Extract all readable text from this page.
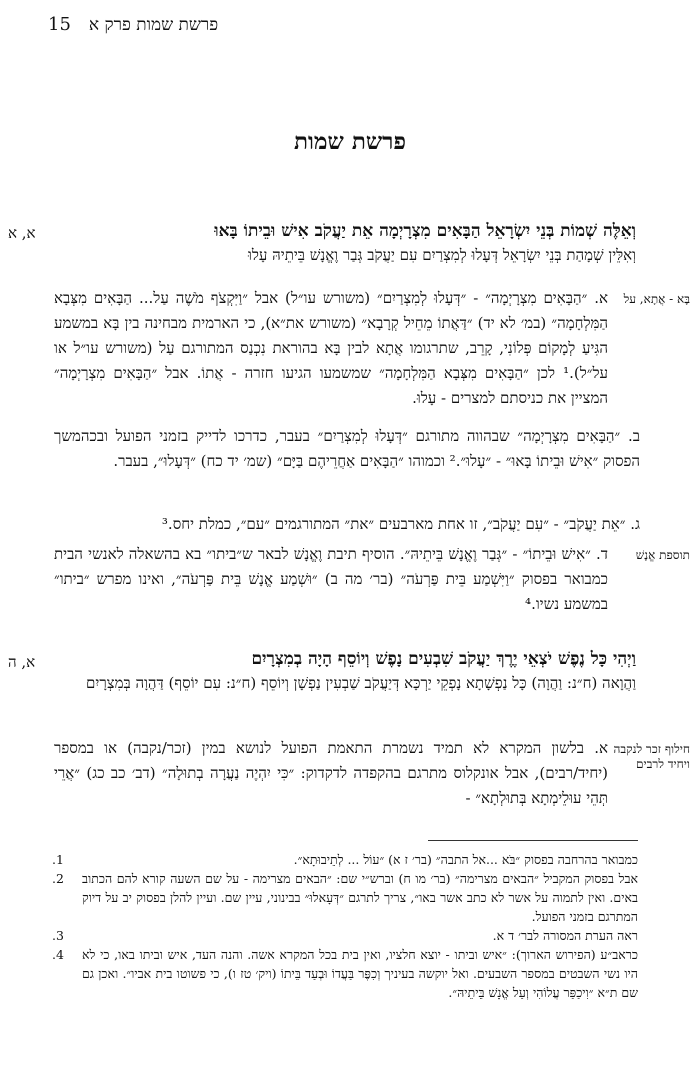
15 פרשת שמות פרק א
פרשת שמות
א, א	וְאֵלֶּה שְׁמוֹת בְּנֵי יִשְׂרָאֵל הַבָּאִים מִצְרָיְמָה אֵת יַעֲקֹב אִישׁ וּבֵיתוֹ בָּאוּ
וְאִלֵּין שְׁמָהַת בְּנֵי יִשְׂרָאֵל דְּעָלוּ לְמִצְרַיִם עִם יַעֲקֹב גְּבַר וֶאֱנָשׁ בֵּיתֵיהּ עָלוּ
בָּא - אֲתָא, על
א. ״הַבָּאִים מִצְרָיְמָה״ - ״דְּעָלוּ לְמִצְרַיִם״ (משורש עו״ל) אבל ״וַיִּקְצֹף מֹשֶׁה עַל... הַבָּאִים מִצְּבָא הַמִּלְחָמָה״ (במ׳ לא יד) ״דַּאֲתוֹ מֵחֵיל קְרָבָא״ (משורש את״א), כי הארמית מבחינה בין בָּא במשמע הגִּיעַ לְמָקוֹם פְּלוֹנִי, קָרֵב, שתרגומו אֲתָא לבין בָּא בהוראת נִכְנַס המתורגם עַל (משורש עו״ל או על״ל).¹ לכן ״הַבָּאִים מִצְּבָא הַמִּלְחָמָה״ שמשמעו הגיעו חזרה - אֲתוֹ. אבל ״הַבָּאִים מִצְרָיְמָה״ המציין את כניסתם למצרים - עָלוּ.
ב. ״הַבָּאִים מִצְרָיְמָה״ שבהווה מתורגם ״דְּעָלוּ לְמִצְרַיִם״ בעבר, כדרכו לדייק בזמני הפועל ובכהמשך הפסוק ״אִישׁ וּבֵיתוֹ בָּאוּ״ - ״עָלוּ״.² וכמוהו ״הַבָּאִים אַחֲרֵיהֶם בַּיָּם״ (שמ׳ יד כח) ״דְּעָלוּ״, בעבר.
ג. ״אֵת יַעֲקֹב״ - ״עִם יַעֲקֹב״, זו אחת מארבעים ״את״ המתורגמים ״עם״, כמלת יחס.³
תוספת אֱנָשׁ
ד. ״אִישׁ וּבֵיתוֹ״ - ״גְּבַר וֶאֱנָשׁ בֵּיתֵיהּ״. הוסיף תיבת וֶאֱנָשׁ לבאר ש״ביתו״ בא בהשאלה לאנשי הבית כמבואר בפסוק ״וַיִּשְׁמַע בֵּית פַּרְעֹה״ (בר׳ מה ב) ״וּשְׁמַע אֱנָשׁ בֵּית פַּרְעֹה״, ואינו מפרש ״ביתו״ במשמע נשיו.⁴
א, ה	וַיְהִי כָּל נֶפֶשׁ יֹצְאֵי יֶרֶךְ יַעֲקֹב שִׁבְעִים נָפֶשׁ וְיוֹסֵף הָיָה בְמִצְרָיִם
וַהֲוָאה (ח״נ: וַהֲוָה) כָּל נַפְשָׁתָא נָפְקֵי יַרְכָּא דְּיַעֲקֹב שַׁבְעִין נַפְשָׁן וְיוֹסֵף (ח״נ: עִם יוֹסֵף) דַּהֲוָה בְּמִצְרָיִם
חילוף זכר לנקבה ויחיד לרבים
א. בלשון המקרא לא תמיד נשמרת התאמת הפועל לנושא במין (זכר/נקבה) או במספר (יחיד/רבים), אבל אונקלוס מתרגם בהקפדה לדקדוק: ״כִּי יִהְיֶה נַעֲרָה בְתוּלָה״ (דב׳ כב כג) ״אֲרֵי תְּהֵי עוּלֵימְתָא בְּתוּלְתָא״ -
כמבואר בהרחבה בפסוק ״בֹּא ...אל התבה״ (בר׳ ז א) ״עוֹל ... לְתֵיבוּתָא״.
1.
אבל בפסוק המקביל ״הבאים מצרימה״ (בר׳ מו ח) וברש״י שם: ״הבאים מצרימה - על שם השעה קורא להם הכתוב באים. ואין לתמוה על אשר לא כתב אשר באו״, צריך לתרגם ״דְּעָאלוּ״ בבינוני, עיין שם. ועיין להלן בפסוק יב על דיוק המתרגם בזמני הפועל.
2.
ראה הערת המסורה לבר׳ ד א.
3.
כראב״ע (הפירוש הארוך): ״איש וביתו - יוצא חלציו, ואין בית בכל המקרא אשה. והנה העד, איש וביתו באו, כי לא היו נשי השבטים במספר השבעים. ואל יוקשה בעיניך וְכִפֶּר בַּעֲדוֹ וּבְעַד בֵּיתוֹ (ויק׳ טז ו), כי פשוטו בית אביו״. ואכן גם שם ת״א ״וִיכַפַּר עֲלוֹהִי וְעַל אֱנָשׁ בֵּיתֵיהּ״.
4.
